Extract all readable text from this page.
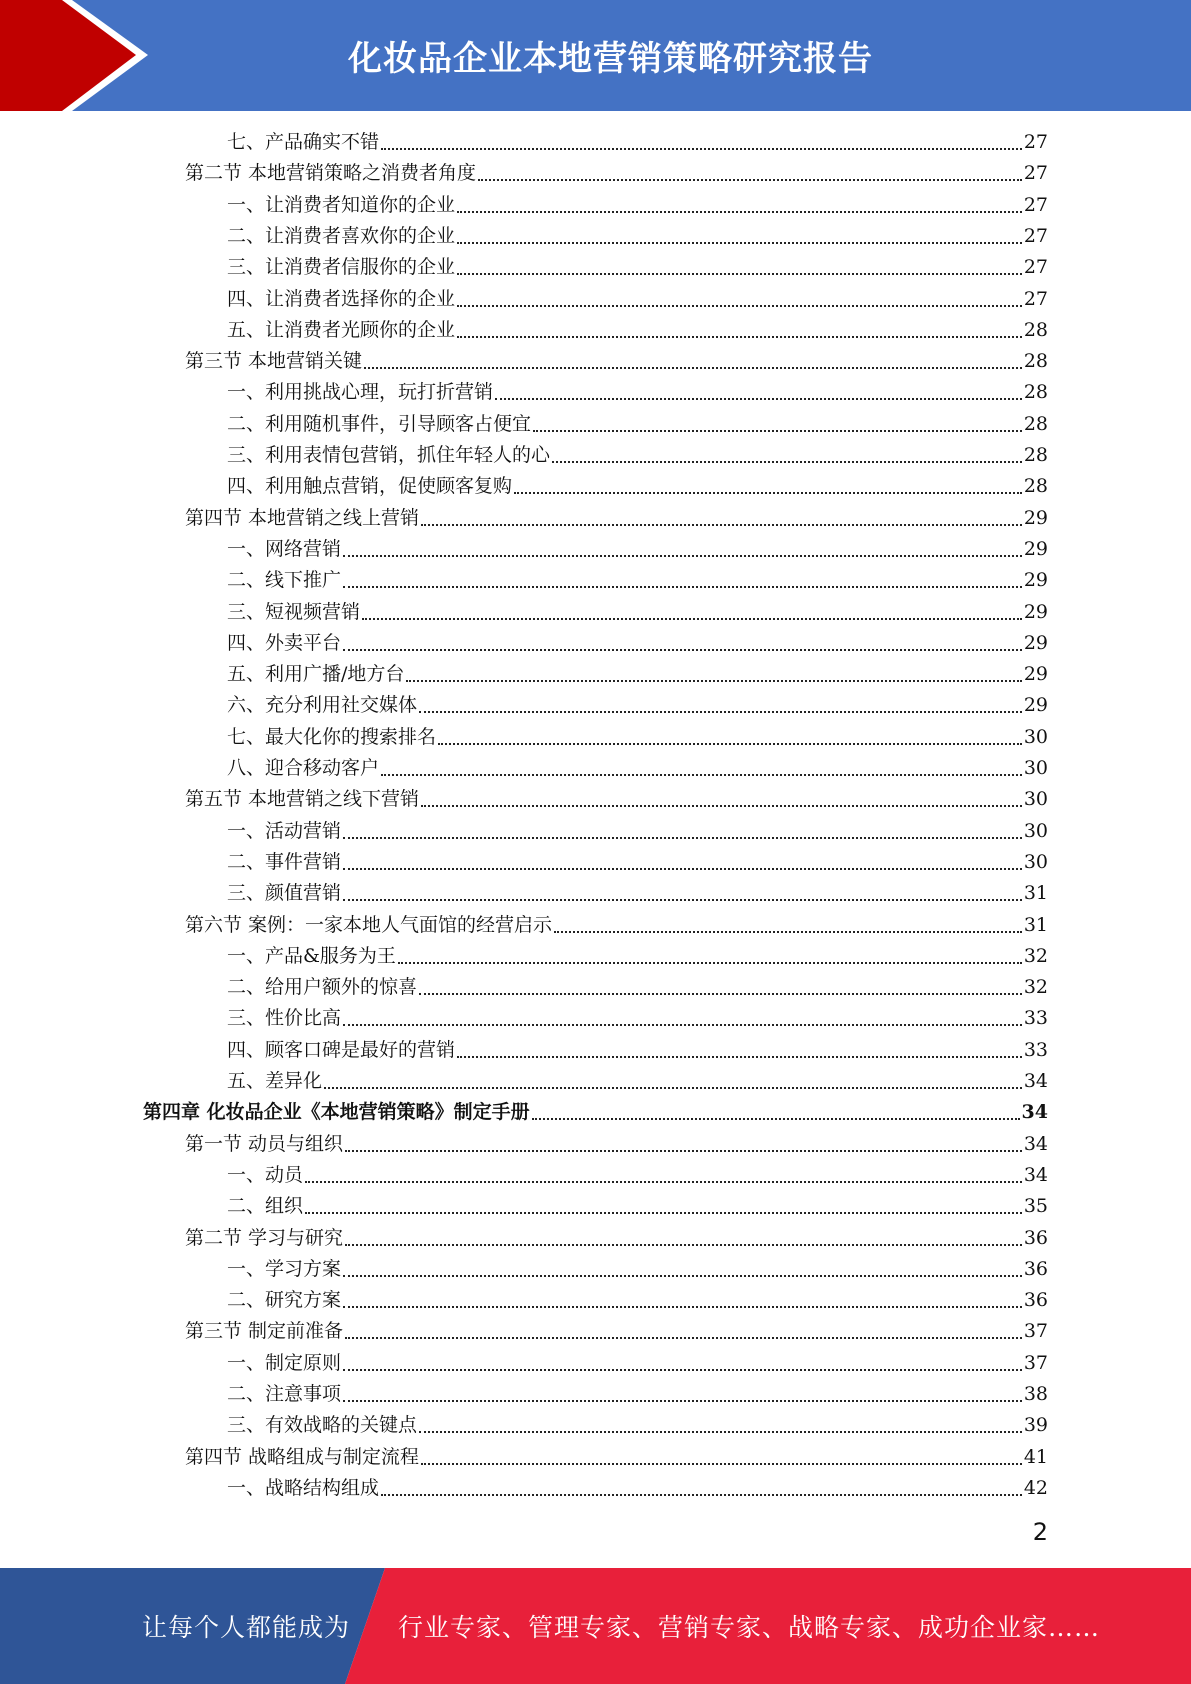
化妆品企业本地营销策略研究报告
七、产品确实不错	27
第二节 本地营销策略之消费者角度	27
一、让消费者知道你的企业	27
二、让消费者喜欢你的企业	27
三、让消费者信服你的企业	27
四、让消费者选择你的企业	27
五、让消费者光顾你的企业	28
第三节 本地营销关键	28
一、利用挑战心理，玩打折营销	28
二、利用随机事件，引导顾客占便宜	28
三、利用表情包营销，抓住年轻人的心	28
四、利用触点营销，促使顾客复购	28
第四节 本地营销之线上营销	29
一、网络营销	29
二、线下推广	29
三、短视频营销	29
四、外卖平台	29
五、利用广播/地方台	29
六、充分利用社交媒体	29
七、最大化你的搜索排名	30
八、迎合移动客户	30
第五节 本地营销之线下营销	30
一、活动营销	30
二、事件营销	30
三、颜值营销	31
第六节 案例：一家本地人气面馆的经营启示	31
一、产品&服务为王	32
二、给用户额外的惊喜	32
三、性价比高	33
四、顾客口碑是最好的营销	33
五、差异化	34
第四章 化妆品企业《本地营销策略》制定手册	34
第一节 动员与组织	34
一、动员	34
二、组织	35
第二节 学习与研究	36
一、学习方案	36
二、研究方案	36
第三节 制定前准备	37
一、制定原则	37
二、注意事项	38
三、有效战略的关键点	39
第四节 战略组成与制定流程	41
一、战略结构组成	42
2
让每个人都能成为 行业专家、管理专家、营销专家、战略专家、成功企业家……
